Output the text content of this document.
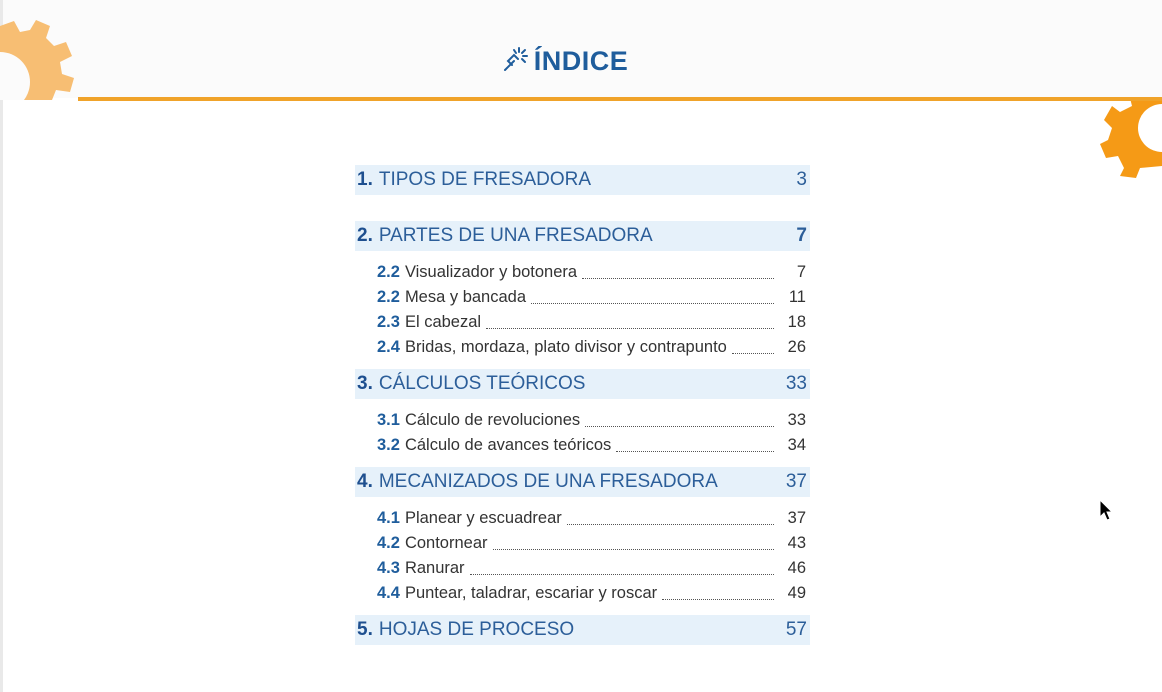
ÍNDICE
1. TIPOS DE FRESADORA	3
2. PARTES DE UNA FRESADORA	7
2.2 Visualizador y botonera	7
2.2 Mesa y bancada	11
2.3 El cabezal	18
2.4 Bridas, mordaza, plato divisor y contrapunto	26
3. CÁLCULOS TEÓRICOS	33
3.1 Cálculo de revoluciones	33
3.2 Cálculo de avances teóricos	34
4. MECANIZADOS DE UNA FRESADORA	37
4.1 Planear y escuadrear	37
4.2 Contornear	43
4.3 Ranurar	46
4.4 Puntear, taladrar, escariar y roscar	49
5. HOJAS DE PROCESO	57
